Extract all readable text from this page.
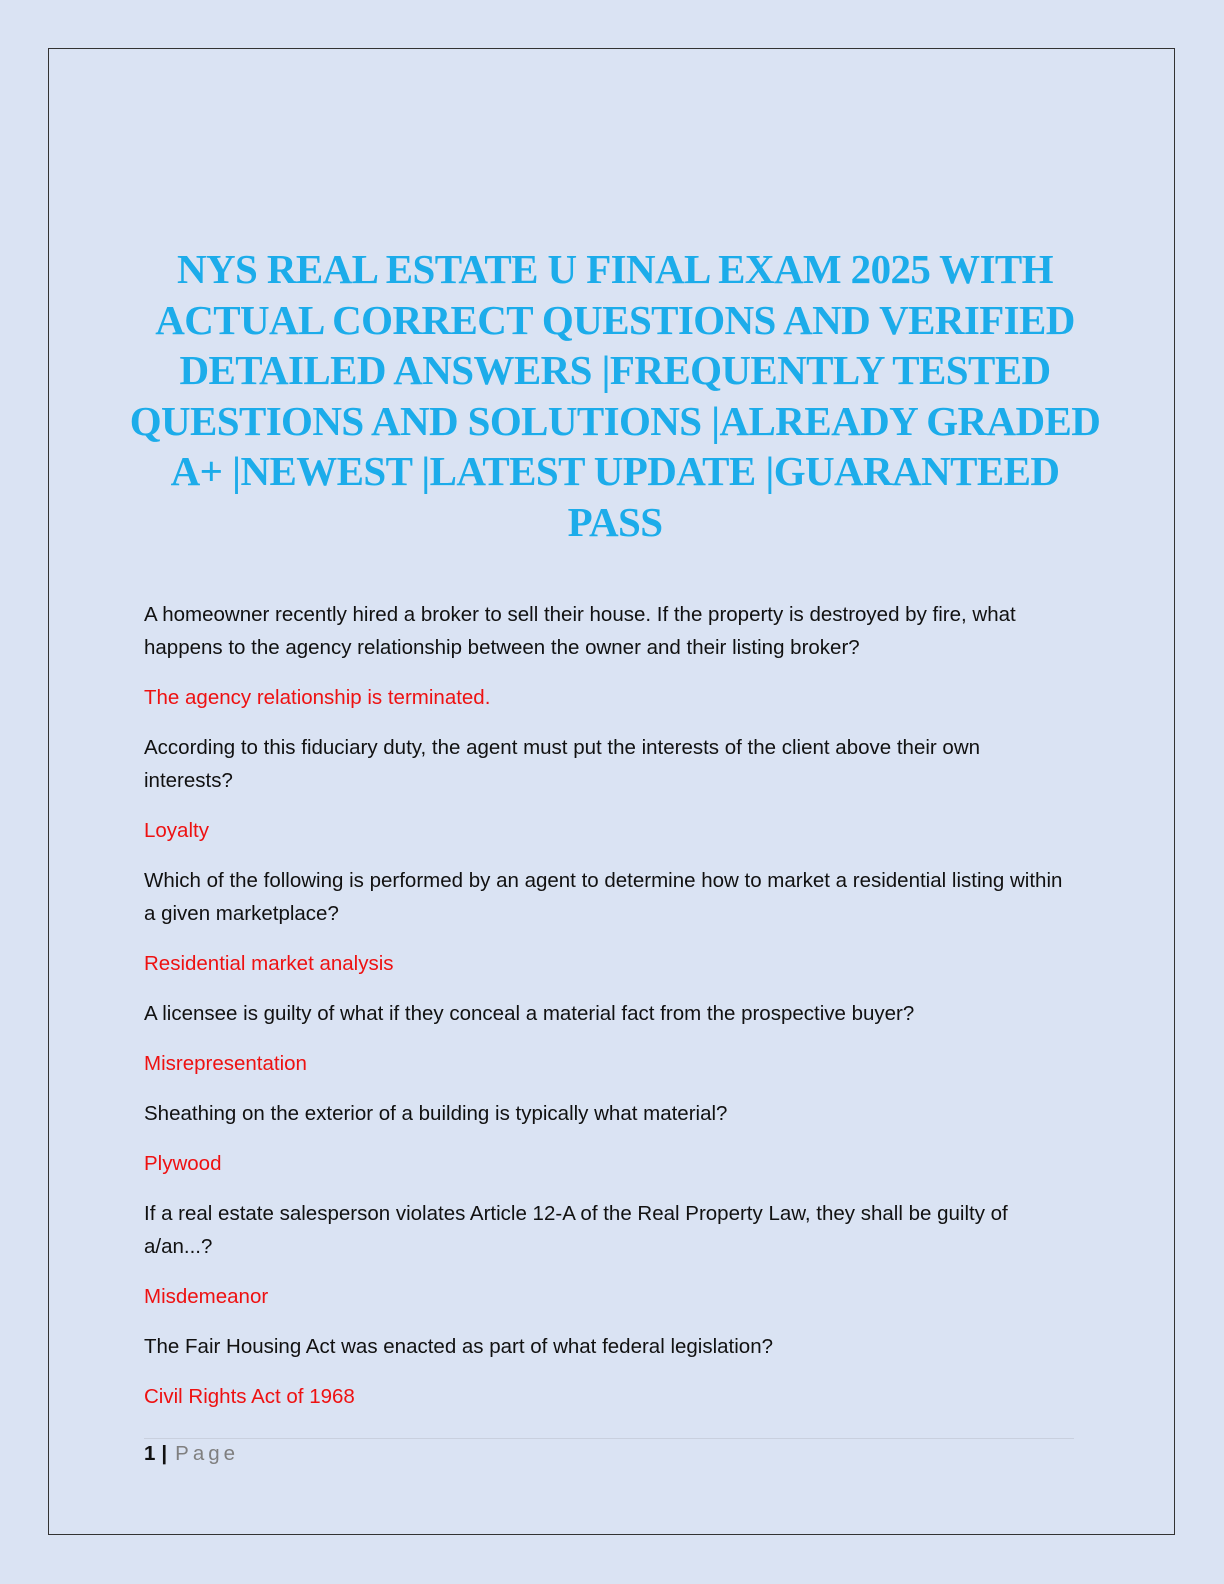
NYS REAL ESTATE U FINAL EXAM 2025 WITH ACTUAL CORRECT QUESTIONS AND VERIFIED DETAILED ANSWERS |FREQUENTLY TESTED QUESTIONS AND SOLUTIONS |ALREADY GRADED A+ |NEWEST |LATEST UPDATE |GUARANTEED PASS

A homeowner recently hired a broker to sell their house. If the property is destroyed by fire, what happens to the agency relationship between the owner and their listing broker?

The agency relationship is terminated.

According to this fiduciary duty, the agent must put the interests of the client above their own interests?

Loyalty

Which of the following is performed by an agent to determine how to market a residential listing within a given marketplace?

Residential market analysis

A licensee is guilty of what if they conceal a material fact from the prospective buyer?

Misrepresentation

Sheathing on the exterior of a building is typically what material?

Plywood

If a real estate salesperson violates Article 12-A of the Real Property Law, they shall be guilty of a/an...?

Misdemeanor

The Fair Housing Act was enacted as part of what federal legislation?

Civil Rights Act of 1968

1 | Page
